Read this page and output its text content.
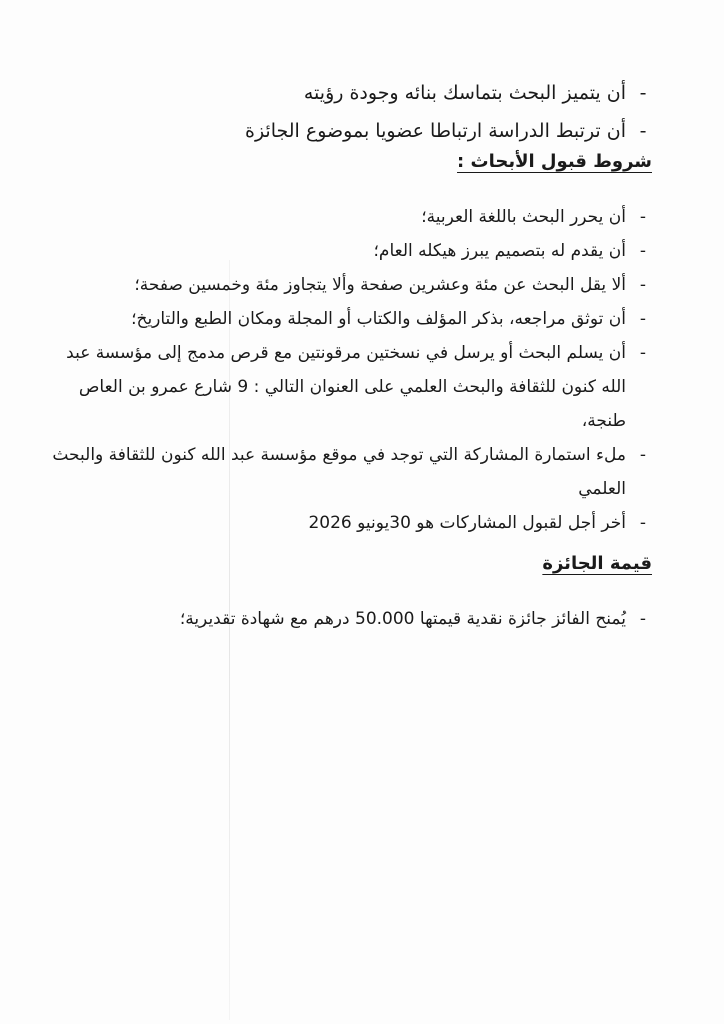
-
أن يتميز البحث بتماسك بنائه وجودة رؤيته

-
أن ترتبط الدراسة ارتباطا عضويا بموضوع الجائزة

شروط قبول الأبحاث :

-
أن يحرر البحث باللغة العربية؛

-
أن يقدم له بتصميم يبرز هيكله العام؛

-
ألا يقل البحث عن مئة وعشرين صفحة وألا يتجاوز مئة وخمسين صفحة؛

-
أن توثق مراجعه، بذكر المؤلف والكتاب أو المجلة ومكان الطبع والتاريخ؛

-
أن يسلم البحث أو يرسل في نسختين مرقونتين مع قرص مدمج إلى مؤسسة عبد الله كنون للثقافة والبحث العلمي على العنوان التالي : 9 شارع عمرو بن العاص طنجة،

-
ملء استمارة المشاركة التي توجد في موقع مؤسسة عبد الله كنون للثقافة والبحث العلمي

-
أخر أجل لقبول المشاركات هو 30يونيو 2026

قيمة الجائزة

-
يُمنح الفائز جائزة نقدية قيمتها 50.000 درهم مع شهادة تقديرية؛
